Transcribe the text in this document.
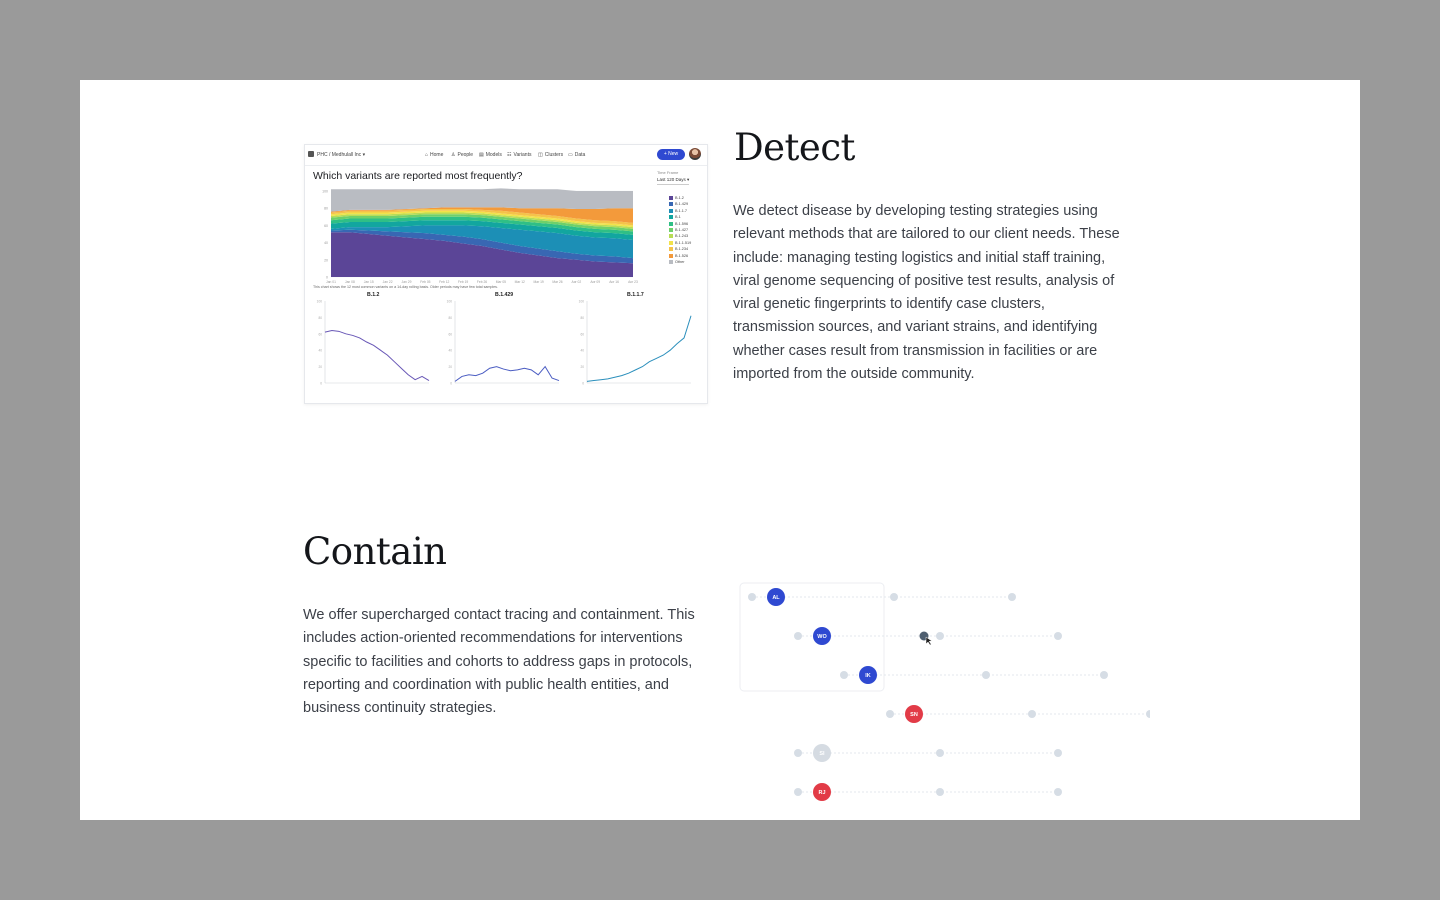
PHC / Medhulall Inc ▾	⌂ Home ♙ People ▤ Models ☷ Variants ◫ Clusters ▭ Data	+ New
Which variants are reported most frequently?	Time Frame
Last 120 Days ▾
0
20
40
60
80
100
Jan 01	Jan 08	Jan 15	Jan 22	Jan 29	Feb 05	Feb 12	Feb 19	Feb 26	Mar 05	Mar 12	Mar 19	Mar 26	Apr 02	Apr 09	Apr 16	Apr 23
B.1.2
B.1.429
B.1.1.7
B.1
B.1.596
B.1.427
B.1.243
B.1.1.519
B.1.234
B.1.526
Other
This chart shows the 12 most common variants on a 14-day rolling basis. Older periods may have few total samples.
B.1.2	B.1.429	B.1.1.7
0
20
40
60
80
100
0
20
40
60
80
100
0
20
40
60
80
100
Detect

We detect disease by developing testing strategies using relevant methods that are tailored to our client needs. These include: managing testing logistics and initial staff training, viral genome sequencing of positive test results, analysis of viral genetic fingerprints to identify case clusters, transmission sources, and variant strains, and identifying whether cases result from transmission in facilities or are imported from the outside community.

Contain

We offer supercharged contact tracing and containment. This includes action-oriented recommendations for interventions specific to facilities and cohorts to address gaps in protocols, reporting and coordination with public health entities, and business continuity strategies.

AL
WO
IK
SN
SI
RJ
